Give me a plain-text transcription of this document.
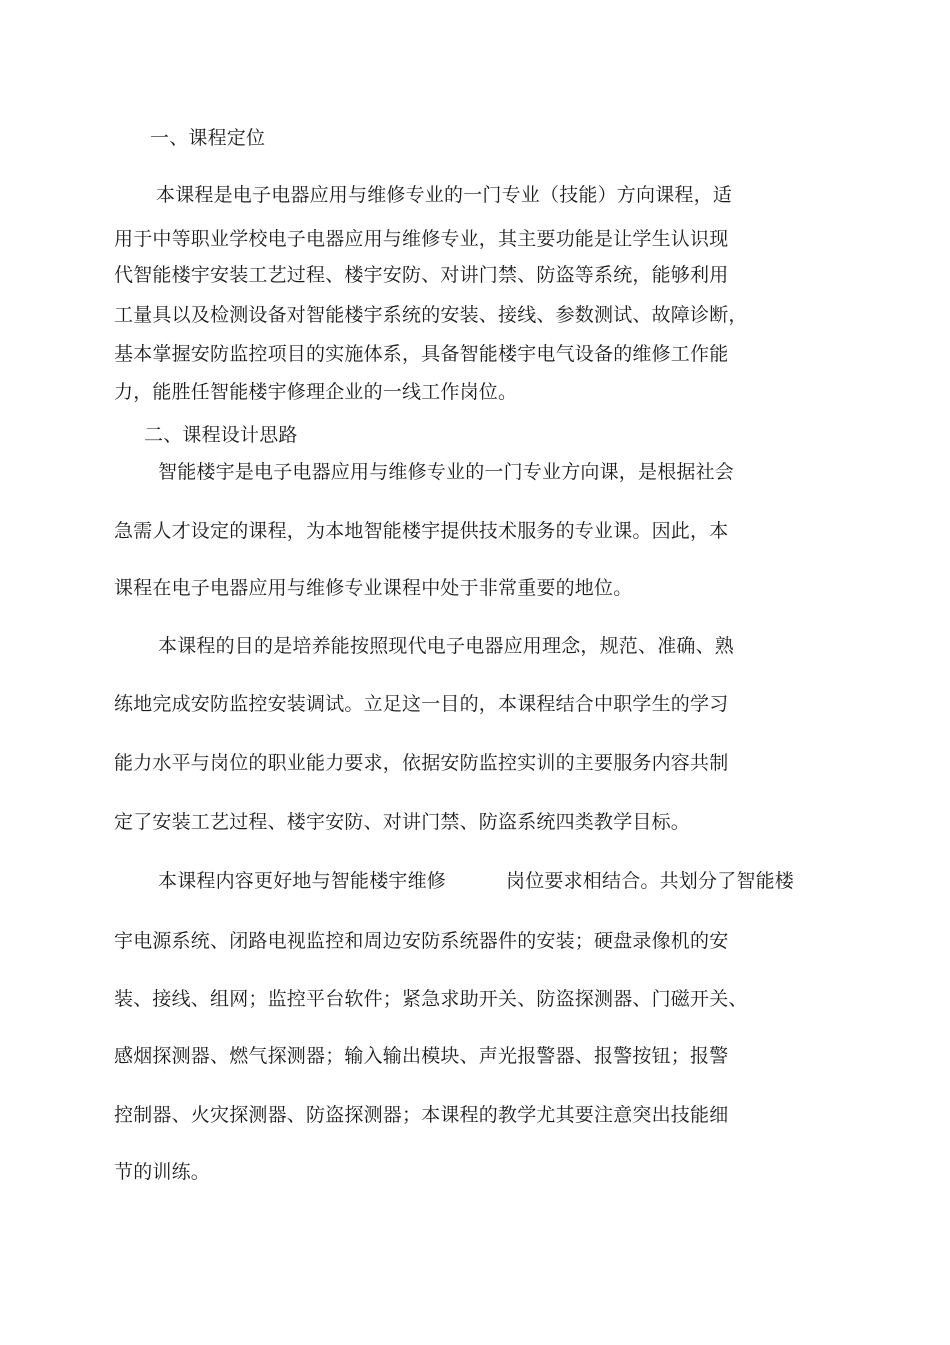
一、课程定位
本课程是电子电器应用与维修专业的一门专业（技能）方向课程，适
用于中等职业学校电子电器应用与维修专业，其主要功能是让学生认识现
代智能楼宇安装工艺过程、楼宇安防、对讲门禁、防盗等系统，能够利用
工量具以及检测设备对智能楼宇系统的安装、接线、参数测试、故障诊断，
基本掌握安防监控项目的实施体系，具备智能楼宇电气设备的维修工作能
力，能胜任智能楼宇修理企业的一线工作岗位。
二、课程设计思路
智能楼宇是电子电器应用与维修专业的一门专业方向课，是根据社会
急需人才设定的课程，为本地智能楼宇提供技术服务的专业课。因此，本
课程在电子电器应用与维修专业课程中处于非常重要的地位。
本课程的目的是培养能按照现代电子电器应用理念，规范、准确、熟
练地完成安防监控安装调试。立足这一目的，本课程结合中职学生的学习
能力水平与岗位的职业能力要求，依据安防监控实训的主要服务内容共制
定了安装工艺过程、楼宇安防、对讲门禁、防盗系统四类教学目标。
本课程内容更好地与智能楼宇维修	岗位要求相结合。共划分了智能楼
宇电源系统、闭路电视监控和周边安防系统器件的安装；硬盘录像机的安
装、接线、组网；监控平台软件；紧急求助开关、防盗探测器、门磁开关、
感烟探测器、燃气探测器；输入输出模块、声光报警器、报警按钮；报警
控制器、火灾探测器、防盗探测器；本课程的教学尤其要注意突出技能细
节的训练。
